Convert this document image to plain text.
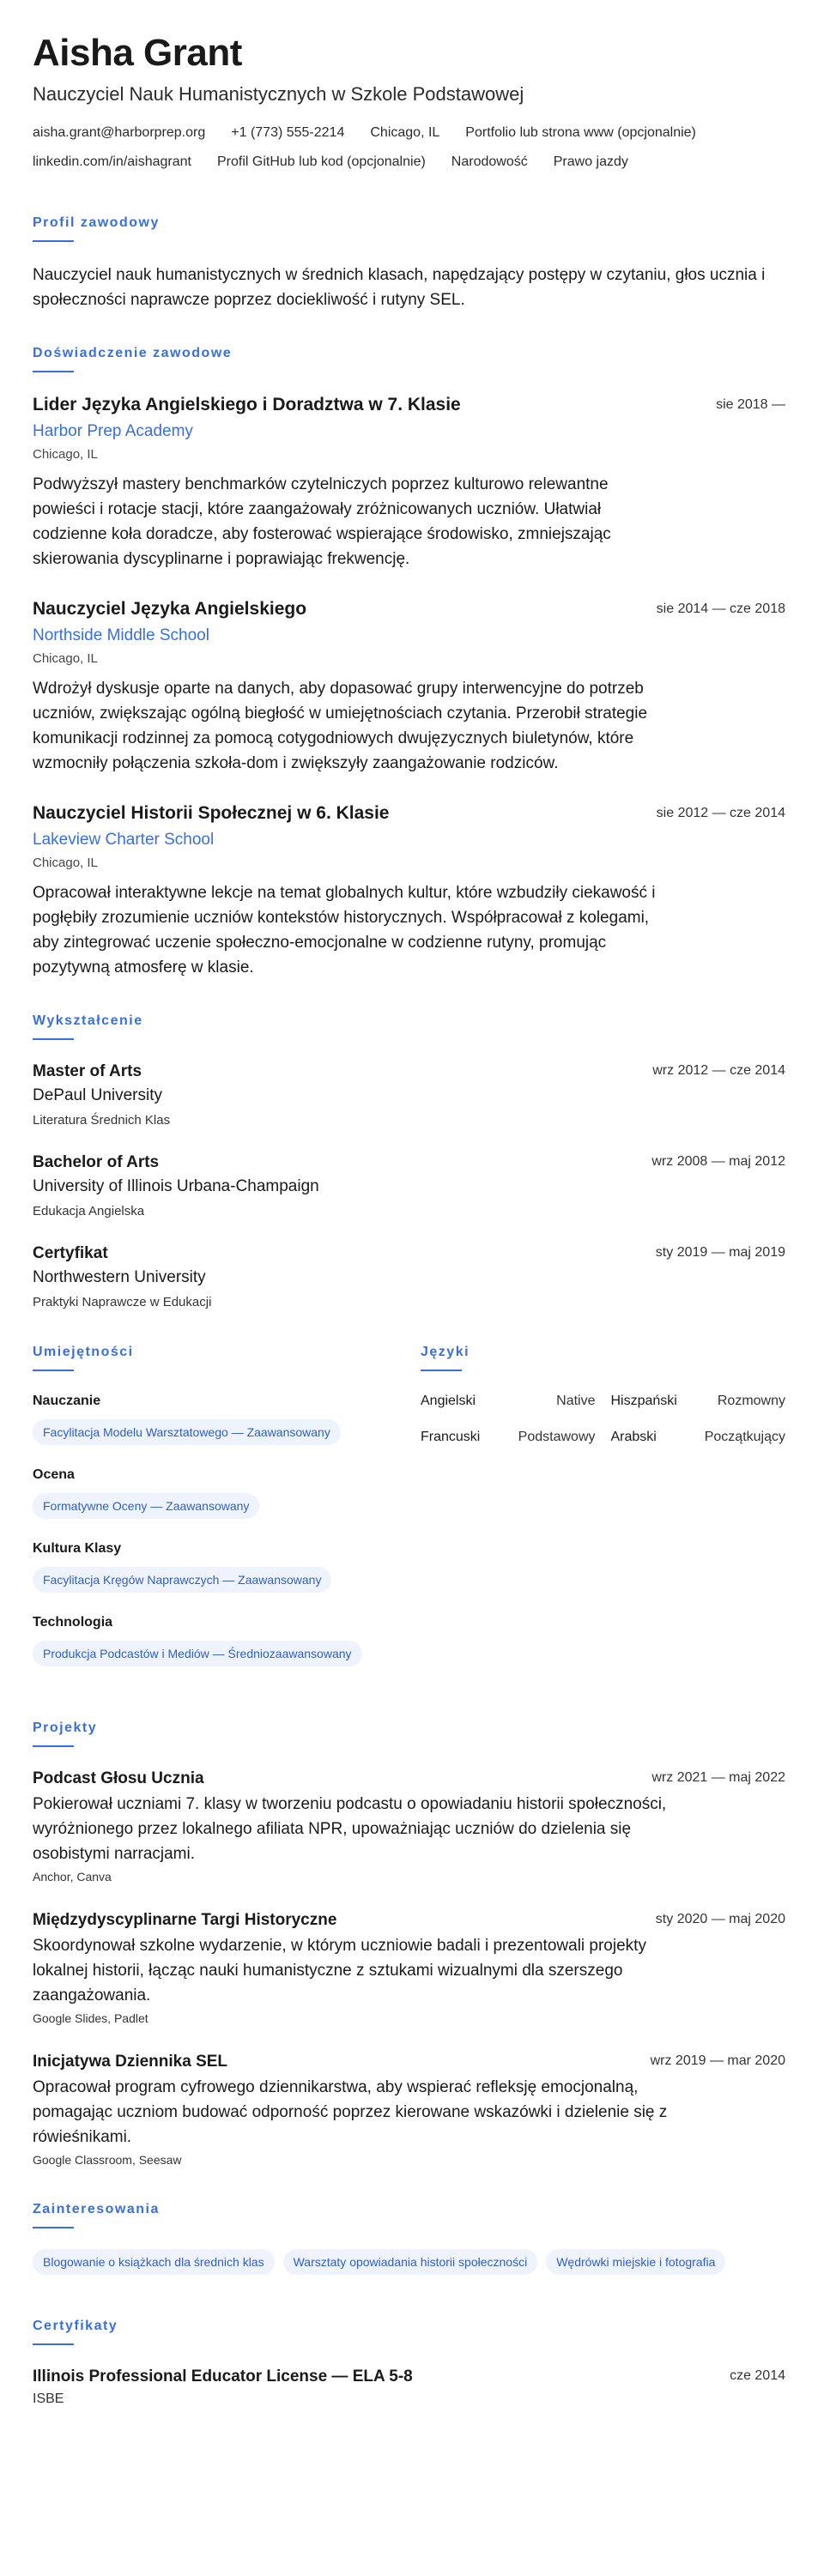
Aisha Grant
Nauczyciel Nauk Humanistycznych w Szkole Podstawowej
aisha.grant@harborprep.org +1 (773) 555-2214 Chicago, IL Portfolio lub strona www (opcjonalnie)
linkedin.com/in/aishagrant Profil GitHub lub kod (opcjonalnie) Narodowość Prawo jazdy
Profil zawodowy

Nauczyciel nauk humanistycznych w średnich klasach, napędzający postępy w czytaniu, głos ucznia i społeczności naprawcze poprzez dociekliwość i rutyny SEL.

Doświadczenie zawodowe
Lider Języka Angielskiego i Doradztwa w 7. Klasie	sie 2018 —
Harbor Prep Academy
Chicago, IL

Podwyższył mastery benchmarków czytelniczych poprzez kulturowo relewantne powieści i rotacje stacji, które zaangażowały zróżnicowanych uczniów. Ułatwiał codzienne koła doradcze, aby fosterować wspierające środowisko, zmniejszając skierowania dyscyplinarne i poprawiając frekwencję.

Nauczyciel Języka Angielskiego	sie 2014 — cze 2018
Northside Middle School
Chicago, IL

Wdrożył dyskusje oparte na danych, aby dopasować grupy interwencyjne do potrzeb uczniów, zwiększając ogólną biegłość w umiejętnościach czytania. Przerobił strategie komunikacji rodzinnej za pomocą cotygodniowych dwujęzycznych biuletynów, które wzmocniły połączenia szkoła-dom i zwiększyły zaangażowanie rodziców.

Nauczyciel Historii Społecznej w 6. Klasie	sie 2012 — cze 2014
Lakeview Charter School
Chicago, IL

Opracował interaktywne lekcje na temat globalnych kultur, które wzbudziły ciekawość i pogłębiły zrozumienie uczniów kontekstów historycznych. Współpracował z kolegami, aby zintegrować uczenie społeczno-emocjonalne w codzienne rutyny, promując pozytywną atmosferę w klasie.

Wykształcenie
Master of Arts	wrz 2012 — cze 2014
DePaul University
Literatura Średnich Klas
Bachelor of Arts	wrz 2008 — maj 2012
University of Illinois Urbana-Champaign
Edukacja Angielska
Certyfikat	sty 2019 — maj 2019
Northwestern University
Praktyki Naprawcze w Edukacji
Umiejętności
Nauczanie
Facylitacja Modelu Warsztatowego — Zaawansowany
Ocena
Formatywne Oceny — Zaawansowany
Kultura Klasy
Facylitacja Kręgów Naprawczych — Zaawansowany
Technologia
Produkcja Podcastów i Mediów — Średniozaawansowany
Języki
Angielski	Native Hiszpański	Rozmowny
Francuski	Podstawowy Arabski	Początkujący
Projekty
Podcast Głosu Ucznia	wrz 2021 — maj 2022

Pokierował uczniami 7. klasy w tworzeniu podcastu o opowiadaniu historii społeczności, wyróżnionego przez lokalnego afiliata NPR, upoważniając uczniów do dzielenia się osobistymi narracjami.

Anchor, Canva
Międzydyscyplinarne Targi Historyczne	sty 2020 — maj 2020

Skoordynował szkolne wydarzenie, w którym uczniowie badali i prezentowali projekty lokalnej historii, łącząc nauki humanistyczne z sztukami wizualnymi dla szerszego zaangażowania.

Google Slides, Padlet
Inicjatywa Dziennika SEL	wrz 2019 — mar 2020

Opracował program cyfrowego dziennikarstwa, aby wspierać refleksję emocjonalną, pomagając uczniom budować odporność poprzez kierowane wskazówki i dzielenie się z rówieśnikami.

Google Classroom, Seesaw
Zainteresowania
Blogowanie o książkach dla średnich klas	Warsztaty opowiadania historii społeczności	Wędrówki miejskie i fotografia
Certyfikaty
Illinois Professional Educator License — ELA 5-8	cze 2014
ISBE
